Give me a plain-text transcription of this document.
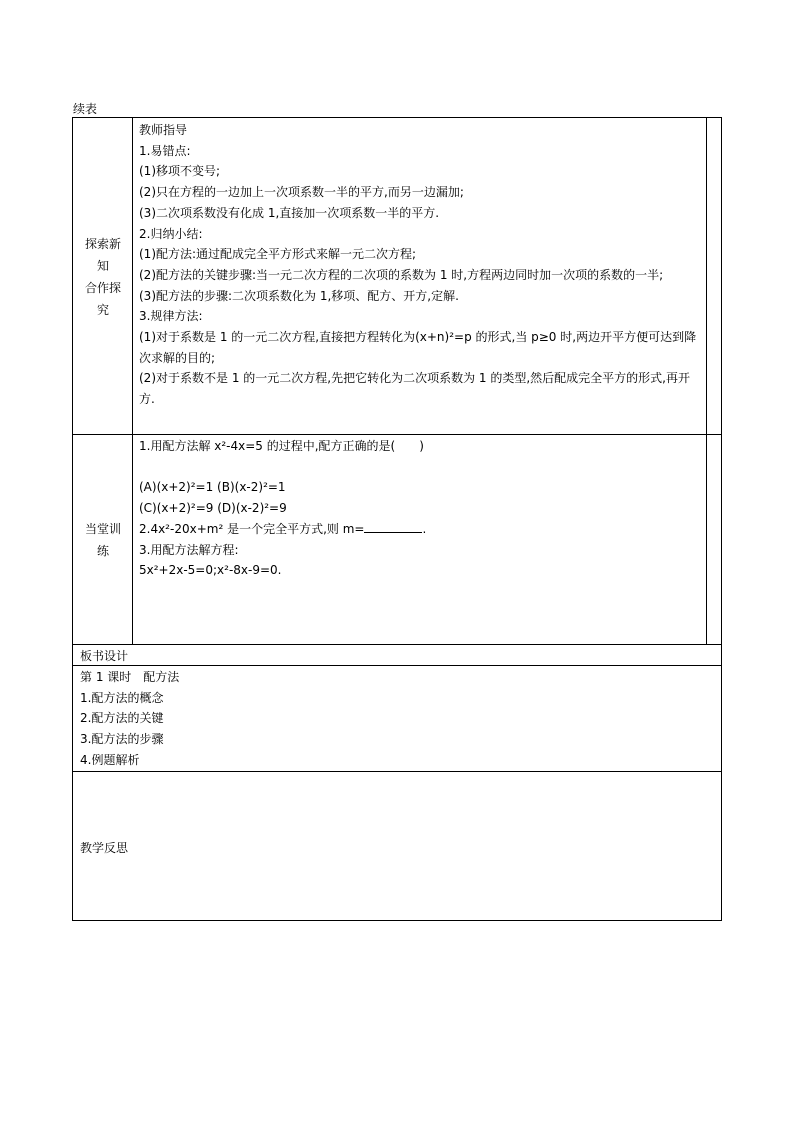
续表
探索新
知
合作探
究
教师指导
1.易错点:
(1)移项不变号;
(2)只在方程的一边加上一次项系数一半的平方,而另一边漏加;
(3)二次项系数没有化成 1,直接加一次项系数一半的平方.
2.归纳小结:
(1)配方法:通过配成完全平方形式来解一元二次方程;
(2)配方法的关键步骤:当一元二次方程的二次项的系数为 1 时,方程两边同时加一次项的系数的一半;
(3)配方法的步骤:二次项系数化为 1,移项、配方、开方,定解.
3.规律方法:
(1)对于系数是 1 的一元二次方程,直接把方程转化为(x+n)²=p 的形式,当 p≥0 时,两边开平方便可达到降次求解的目的;
(2)对于系数不是 1 的一元二次方程,先把它转化为二次项系数为 1 的类型,然后配成完全平方的形式,再开方.
当堂训
练
1.用配方法解 x²-4x=5 的过程中,配方正确的是(　　)

(A)(x+2)²=1 (B)(x-2)²=1
(C)(x+2)²=9 (D)(x-2)²=9
2.4x²-20x+m² 是一个完全平方式,则 m=	.
3.用配方法解方程:
5x²+2x-5=0;x²-8x-9=0.
板书设计
第 1 课时　配方法
1.配方法的概念
2.配方法的关键
3.配方法的步骤
4.例题解析
教学反思
